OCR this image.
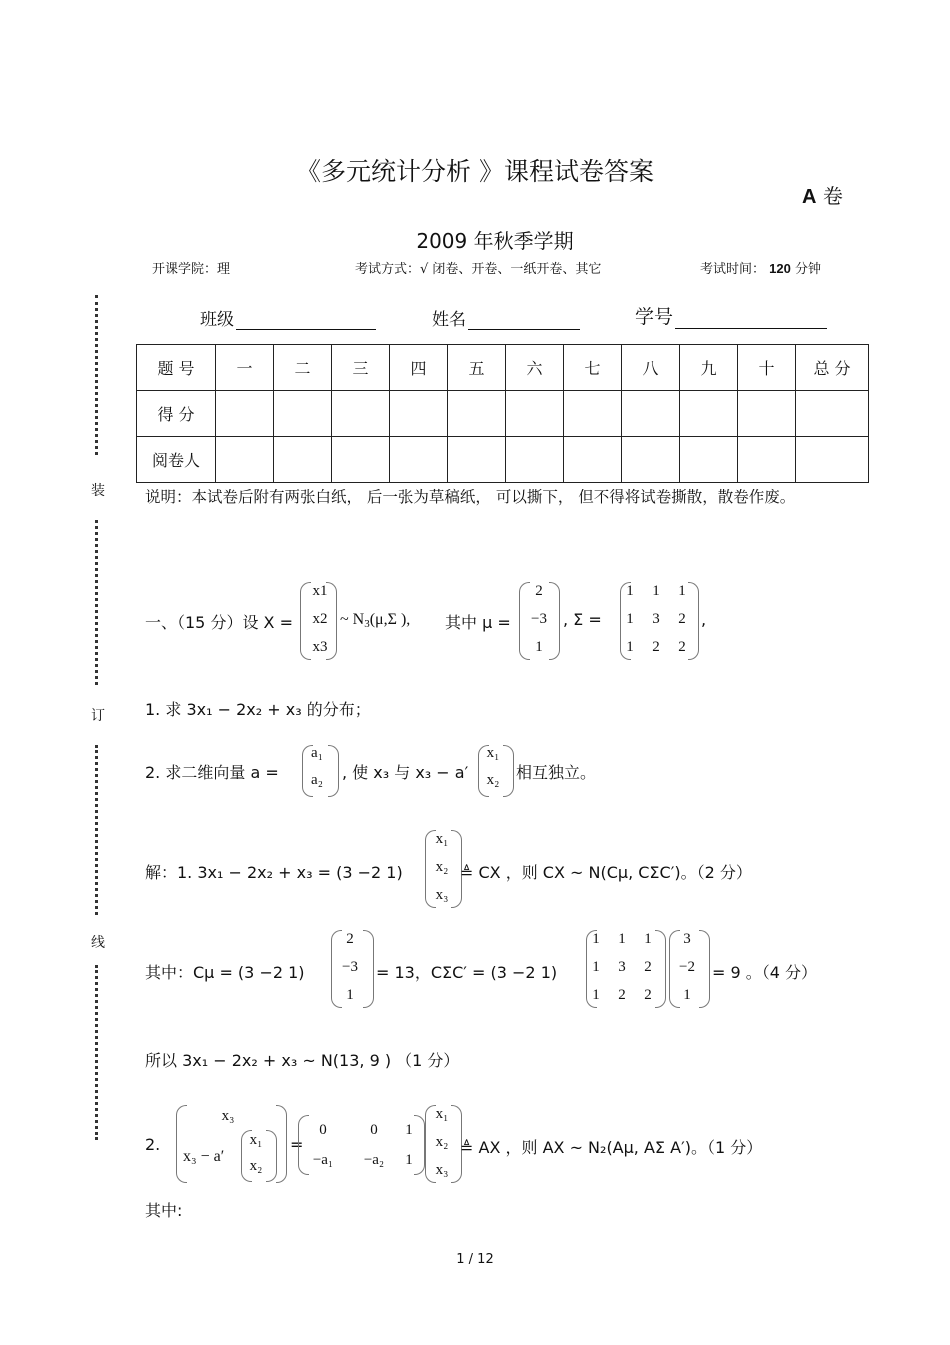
《多元统计分析 》课程试卷答案
A 卷
2009 年秋季学期
开课学院：理	考试方式：√ 闭卷、开卷、一纸开卷、其它	考试时间： 120 分钟
班级	姓名	学号
题 号	一	二	三	四	五	六	七	八	九	十	总 分
得 分											
阅卷人											
装
订
线
说明：本试卷后附有两张白纸， 后一张为草稿纸， 可以撕下， 但不得将试卷撕散，散卷作废。
一、（15 分）设 X =
x1
x2
x3
~ $N_3(\mu,\Sigma$ ), 其中 μ =
2
−3
1
, Σ =
1 1 1
1 3 2
1 2 2
,
1. 求 3x₁ − 2x₂ + x₃ 的分布；
2. 求二维向量 a =
a₁
a₂	, 使 x₃ 与 x₃ − a′
x₁
x₂ 相互独立。
解：1. 3x₁ − 2x₂ + x₃ = (3 −2 1)
x₁
x₂
x₃
≜ CX ，则 CX ~ N(Cμ, CΣC′)。（2 分）
其中：Cμ = (3 −2 1)
2
−3
1
= 13，CΣC′ = (3 −2 1)
1 1 1
1 3 2
1 2 2
3
−2
1
= 9 。（4 分）
所以 3x₁ − 2x₂ + x₃ ~ N(13, 9 ) （1 分）
2.
x₃
x₃ − a′
x₁
x₂
=
0	0	1
−a₁	−a₂	1
x₁
x₂
x₃
≜ AX ，则 AX ~ N₂(Aμ, AΣ A′)。（1 分）
其中:
1 / 12
